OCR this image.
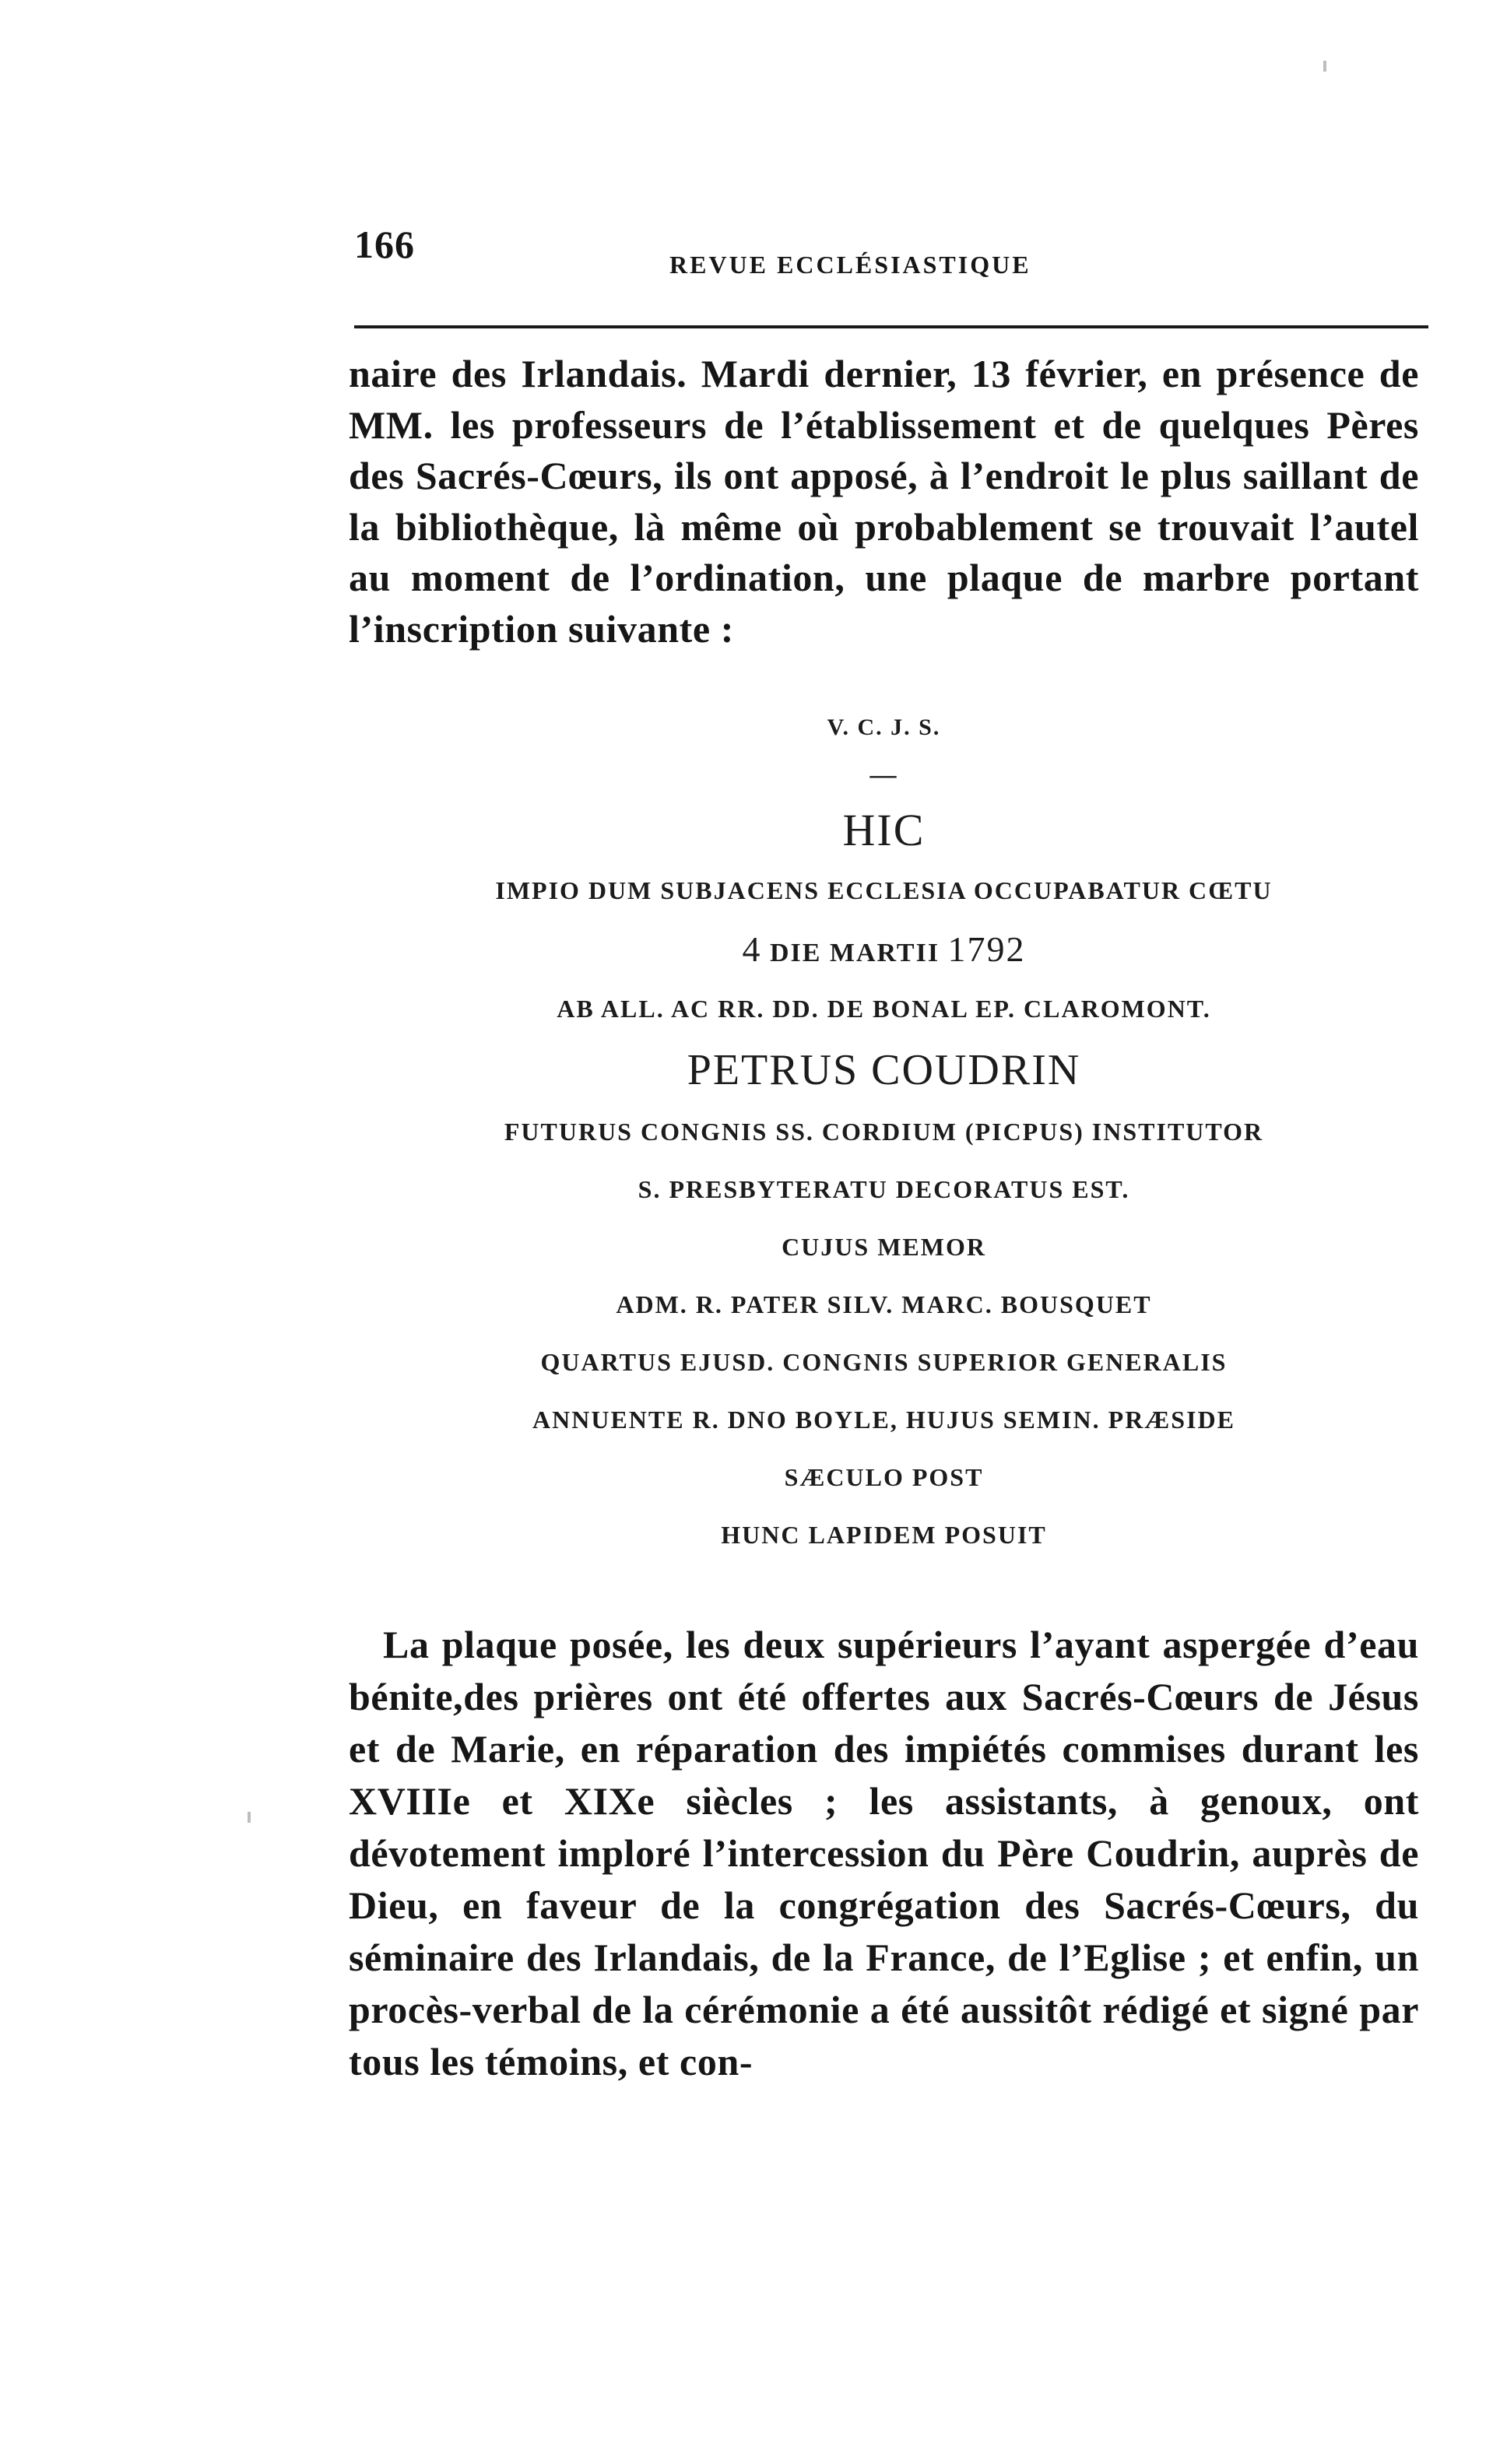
166	REVUE ECCLÉSIASTIQUE

naire des Irlandais. Mardi dernier, 13 février, en présence de MM. les professeurs de l’établissement et de quelques Pères des Sacrés-Cœurs, ils ont apposé, à l’endroit le plus saillant de la bibliothèque, là même où probablement se trouvait l’autel au moment de l’ordination, une plaque de marbre portant l’inscription suivante :

V. C. J. S.
—
HIC
IMPIO DUM SUBJACENS ECCLESIA OCCUPABATUR CŒTU
4 DIE MARTII 1792
AB ALL. AC RR. DD. DE BONAL EP. CLAROMONT.
PETRUS COUDRIN
FUTURUS CONGNIS SS. CORDIUM (PICPUS) INSTITUTOR
S. PRESBYTERATU DECORATUS EST.
CUJUS MEMOR
ADM. R. PATER SILV. MARC. BOUSQUET
QUARTUS EJUSD. CONGNIS SUPERIOR GENERALIS
ANNUENTE R. DNO BOYLE, HUJUS SEMIN. PRÆSIDE
SÆCULO POST
HUNC LAPIDEM POSUIT

La plaque posée, les deux supérieurs l’ayant aspergée d’eau bénite,des prières ont été offertes aux Sacrés-Cœurs de Jésus et de Marie, en réparation des impiétés commises durant les XVIIIe et XIXe siècles ; les assistants, à genoux, ont dévotement imploré l’intercession du Père Coudrin, auprès de Dieu, en faveur de la congrégation des Sacrés-Cœurs, du séminaire des Irlandais, de la France, de l’Eglise ; et enfin, un procès-verbal de la cérémonie a été aussitôt rédigé et signé par tous les témoins, et con-
